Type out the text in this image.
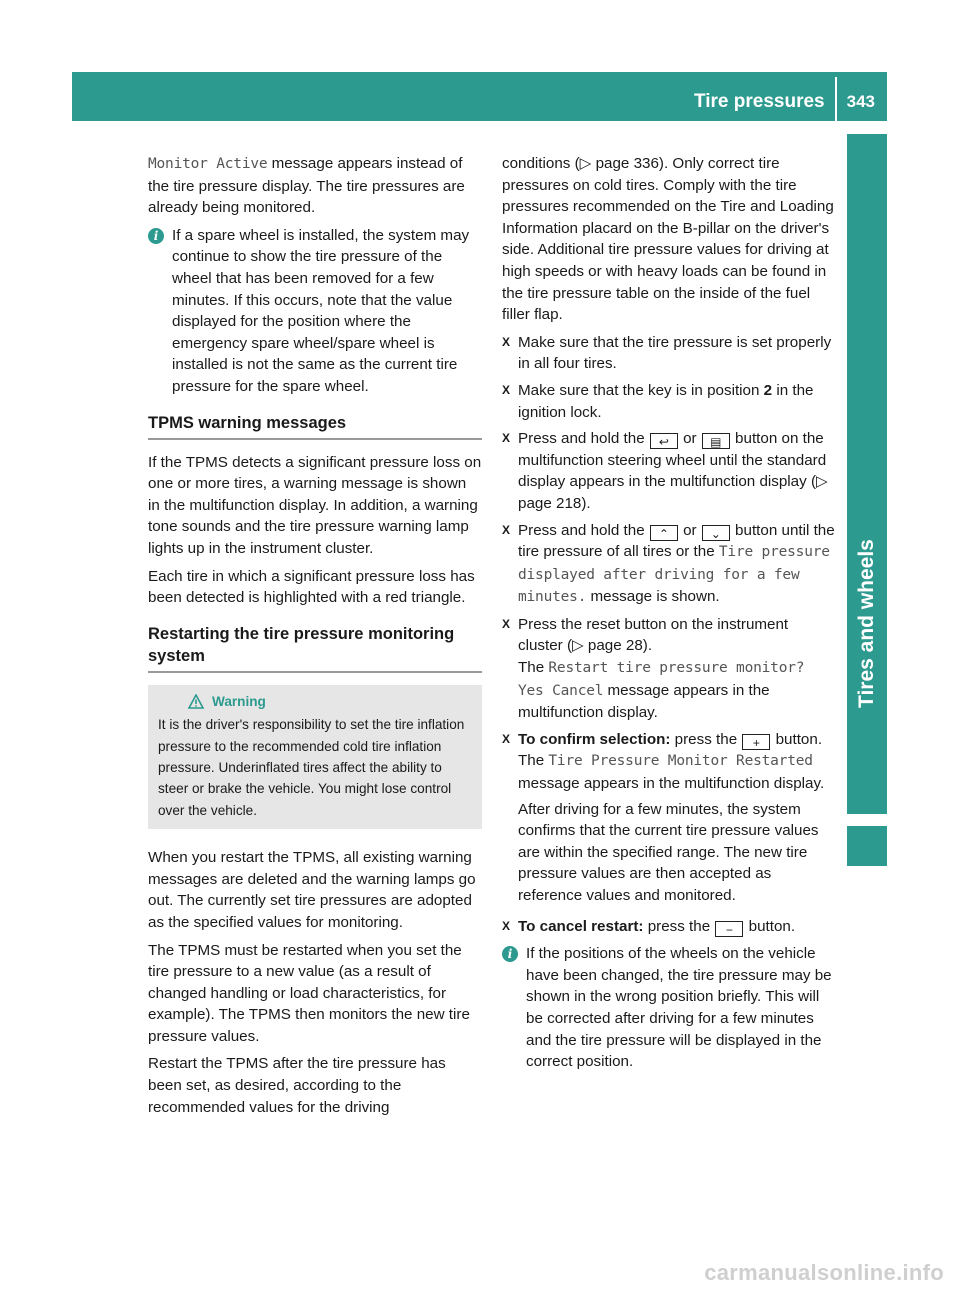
Tire pressures	343
Tires and wheels

Monitor Active message appears instead of the tire pressure display. The tire pressures are already being monitored.

i If a spare wheel is installed, the system may continue to show the tire pressure of the wheel that has been removed for a few minutes. If this occurs, note that the value displayed for the position where the emergency spare wheel/spare wheel is installed is not the same as the current tire pressure for the spare wheel.
TPMS warning messages

If the TPMS detects a significant pressure loss on one or more tires, a warning message is shown in the multifunction display. In addition, a warning tone sounds and the tire pressure warning lamp lights up in the instrument cluster.

Each tire in which a significant pressure loss has been detected is highlighted with a red triangle.

Restarting the tire pressure monitoring system
Warning
It is the driver's responsibility to set the tire inflation pressure to the recommended cold tire inflation pressure. Underinflated tires affect the ability to steer or brake the vehicle. You might lose control over the vehicle.

When you restart the TPMS, all existing warning messages are deleted and the warning lamps go out. The currently set tire pressures are adopted as the specified values for monitoring.

The TPMS must be restarted when you set the tire pressure to a new value (as a result of changed handling or load characteristics, for example). The TPMS then monitors the new tire pressure values.

Restart the TPMS after the tire pressure has been set, as desired, according to the recommended values for the driving

conditions (▷ page 336). Only correct tire pressures on cold tires. Comply with the tire pressures recommended on the Tire and Loading Information placard on the B-pillar on the driver's side. Additional tire pressure values for driving at high speeds or with heavy loads can be found in the tire pressure table on the inside of the fuel filler flap.

X Make sure that the tire pressure is set properly in all four tires.
X Make sure that the key is in position 2 in the ignition lock.
X Press and hold the ↩ or ▤ button on the multifunction steering wheel until the standard display appears in the multifunction display (▷ page 218).
X Press and hold the ⌃ or ⌄ button until the tire pressure of all tires or the Tire pressure displayed after driving for a few minutes. message is shown.
X Press the reset button on the instrument cluster (▷ page 28).
The Restart tire pressure monitor? Yes Cancel message appears in the multifunction display.
X To confirm selection: press the + button.
The Tire Pressure Monitor Restarted message appears in the multifunction display.

After driving for a few minutes, the system confirms that the current tire pressure values are within the specified range. The new tire pressure values are then accepted as reference values and monitored.

X To cancel restart: press the − button.
i If the positions of the wheels on the vehicle have been changed, the tire pressure may be shown in the wrong position briefly. This will be corrected after driving for a few minutes and the tire pressure will be displayed in the correct position.
carmanualsonline.info
